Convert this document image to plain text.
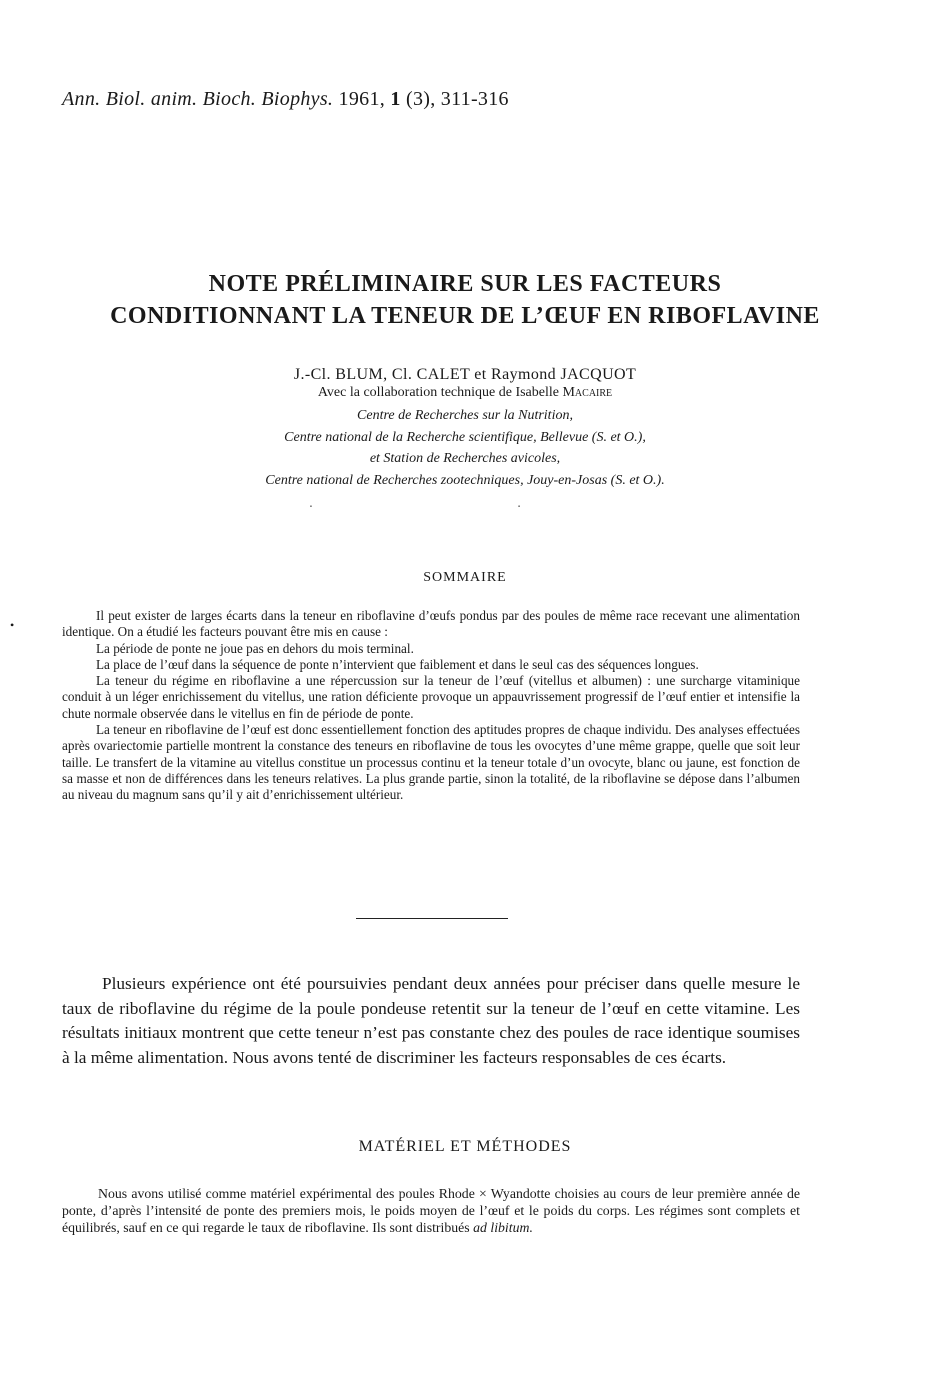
Ann. Biol. anim. Bioch. Biophys. 1961, 1 (3), 311-316
NOTE PRÉLIMINAIRE SUR LES FACTEURS
CONDITIONNANT LA TENEUR DE L’ŒUF EN RIBOFLAVINE
J.-Cl. BLUM, Cl. CALET et Raymond JACQUOT
Avec la collaboration technique de Isabelle Macaire

Centre de Recherches sur la Nutrition,

Centre national de la Recherche scientifique, Bellevue (S. et O.),

et Station de Recherches avicoles,

Centre national de Recherches zootechniques, Jouy-en-Josas (S. et O.).

· ·
SOMMAIRE
•

Il peut exister de larges écarts dans la teneur en riboflavine d’œufs pondus par des poules de même race recevant une alimentation identique. On a étudié les facteurs pouvant être mis en cause :

La période de ponte ne joue pas en dehors du mois terminal.

La place de l’œuf dans la séquence de ponte n’intervient que faiblement et dans le seul cas des séquences longues.

La teneur du régime en riboflavine a une répercussion sur la teneur de l’œuf (vitellus et albumen) : une surcharge vitaminique conduit à un léger enrichissement du vitellus, une ration déficiente provoque un appauvrissement progressif de l’œuf entier et intensifie la chute normale observée dans le vitellus en fin de période de ponte.

La teneur en riboflavine de l’œuf est donc essentiellement fonction des aptitudes propres de chaque individu. Des analyses effectuées après ovariectomie partielle montrent la constance des teneurs en riboflavine de tous les ovocytes d’une même grappe, quelle que soit leur taille. Le transfert de la vitamine au vitellus constitue un processus continu et la teneur totale d’un ovocyte, blanc ou jaune, est fonction de sa masse et non de différences dans les teneurs relatives. La plus grande partie, sinon la totalité, de la riboflavine se dépose dans l’albumen au niveau du magnum sans qu’il y ait d’enrichissement ultérieur.

Plusieurs expérience ont été poursuivies pendant deux années pour préciser dans quelle mesure le taux de riboflavine du régime de la poule pondeuse retentit sur la teneur de l’œuf en cette vitamine. Les résultats initiaux montrent que cette teneur n’est pas constante chez des poules de race identique soumises à la même alimentation. Nous avons tenté de discriminer les facteurs responsables de ces écarts.

MATÉRIEL ET MÉTHODES

Nous avons utilisé comme matériel expérimental des poules Rhode × Wyandotte choisies au cours de leur première année de ponte, d’après l’intensité de ponte des premiers mois, le poids moyen de l’œuf et le poids du corps. Les régimes sont complets et équilibrés, sauf en ce qui regarde le taux de riboflavine. Ils sont distribués ad libitum.
